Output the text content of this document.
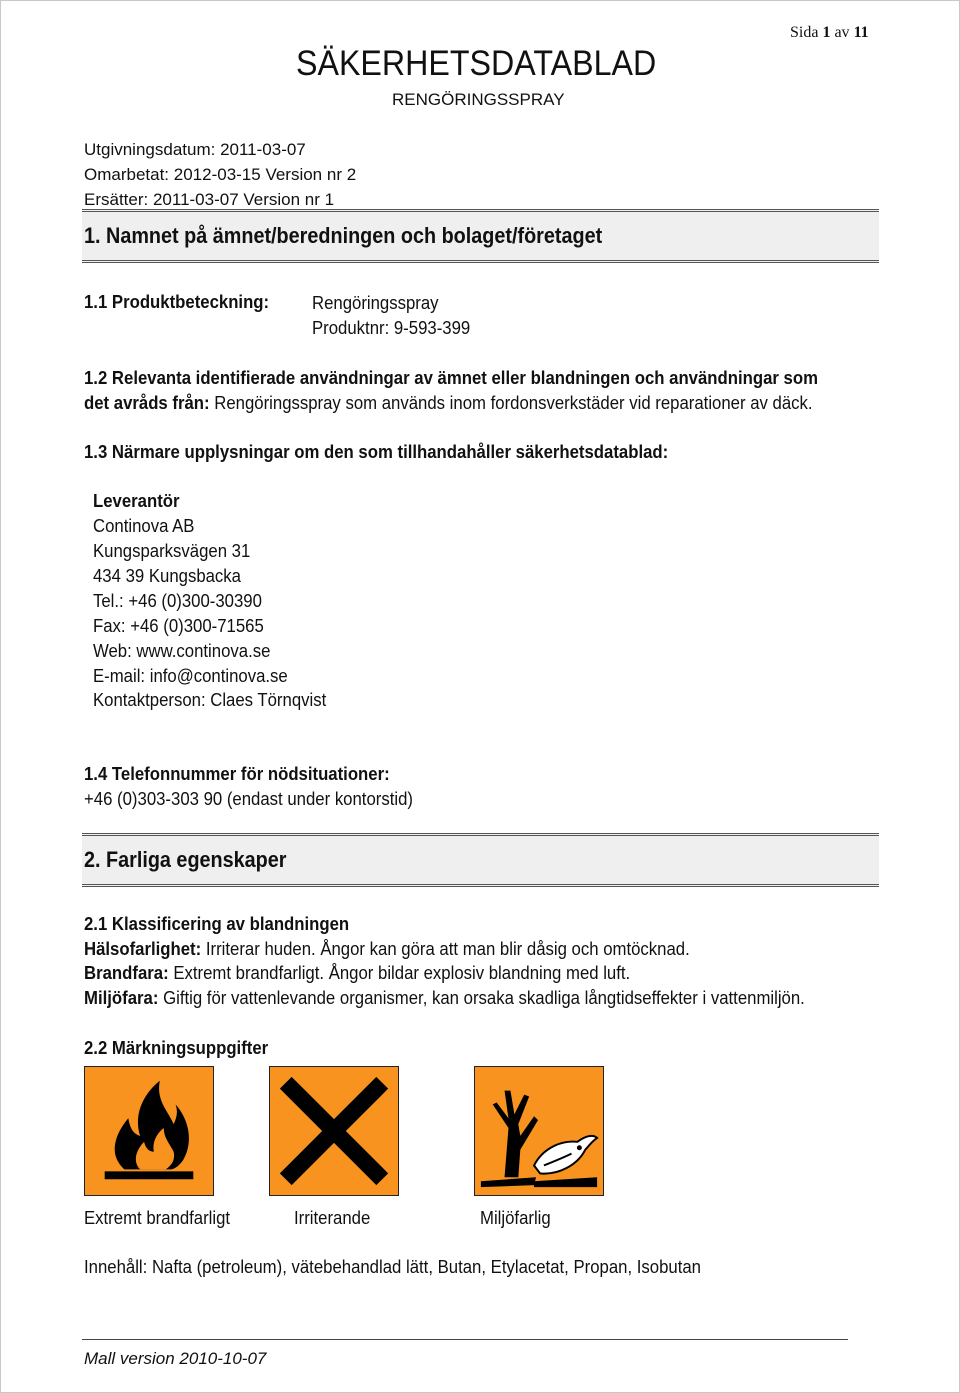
Sida 1 av 11
SÄKERHETSDATABLAD
RENGÖRINGSSPRAY
Utgivningsdatum: 2011-03-07
Omarbetat: 2012-03-15 Version nr 2
Ersätter: 2011-03-07 Version nr 1
1. Namnet på ämnet/beredningen och bolaget/företaget
1.1 Produktbeteckning: Rengöringsspray
Produktnr: 9-593-399
1.2 Relevanta identifierade användningar av ämnet eller blandningen och användningar som
det avråds från: Rengöringsspray som används inom fordonsverkstäder vid reparationer av däck.
1.3 Närmare upplysningar om den som tillhandahåller säkerhetsdatablad:
Leverantör
Continova AB
Kungsparksvägen 31
434 39 Kungsbacka
Tel.: +46 (0)300-30390
Fax: +46 (0)300-71565
Web: www.continova.se
E-mail: info@continova.se
Kontaktperson: Claes Törnqvist
1.4 Telefonnummer för nödsituationer:
+46 (0)303-303 90 (endast under kontorstid)
2. Farliga egenskaper
2.1 Klassificering av blandningen
Hälsofarlighet: Irriterar huden. Ångor kan göra att man blir dåsig och omtöcknad.
Brandfara: Extremt brandfarligt. Ångor bildar explosiv blandning med luft.
Miljöfara: Giftig för vattenlevande organismer, kan orsaka skadliga långtidseffekter i vattenmiljön.
2.2 Märkningsuppgifter
Extremt brandfarligt	Irriterande	Miljöfarlig
Innehåll: Nafta (petroleum), vätebehandlad lätt, Butan, Etylacetat, Propan, Isobutan
Mall version 2010-10-07
